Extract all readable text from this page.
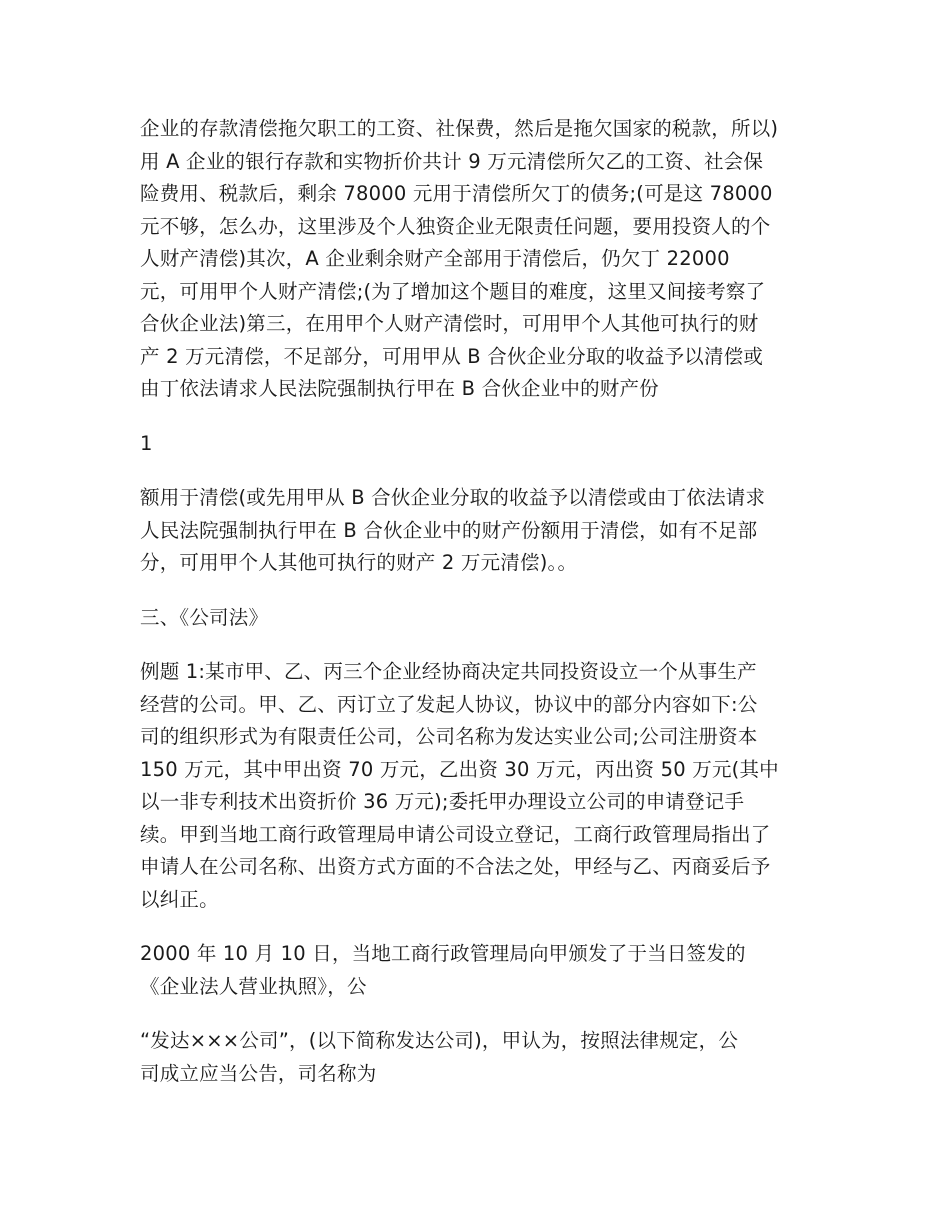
企业的存款清偿拖欠职工的工资、社保费，然后是拖欠国家的税款，所以)
用 A 企业的银行存款和实物折价共计 9 万元清偿所欠乙的工资、社会保
险费用、税款后，剩余 78000 元用于清偿所欠丁的债务;(可是这 78000
元不够，怎么办，这里涉及个人独资企业无限责任问题，要用投资人的个
人财产清偿)其次，A 企业剩余财产全部用于清偿后，仍欠丁 22000
元，可用甲个人财产清偿;(为了增加这个题目的难度，这里又间接考察了
合伙企业法)第三，在用甲个人财产清偿时，可用甲个人其他可执行的财
产 2 万元清偿，不足部分，可用甲从 B 合伙企业分取的收益予以清偿或
由丁依法请求人民法院强制执行甲在 B 合伙企业中的财产份

1

额用于清偿(或先用甲从 B 合伙企业分取的收益予以清偿或由丁依法请求
人民法院强制执行甲在 B 合伙企业中的财产份额用于清偿，如有不足部
分，可用甲个人其他可执行的财产 2 万元清偿)。。

三、《公司法》

例题 1:某市甲、乙、丙三个企业经协商决定共同投资设立一个从事生产
经营的公司。甲、乙、丙订立了发起人协议，协议中的部分内容如下:公
司的组织形式为有限责任公司，公司名称为发达实业公司;公司注册资本
150 万元，其中甲出资 70 万元，乙出资 30 万元，丙出资 50 万元(其中
以一非专利技术出资折价 36 万元);委托甲办理设立公司的申请登记手
续。甲到当地工商行政管理局申请公司设立登记，工商行政管理局指出了
申请人在公司名称、出资方式方面的不合法之处，甲经与乙、丙商妥后予
以纠正。

2000 年 10 月 10 日，当地工商行政管理局向甲颁发了于当日签发的
《企业法人营业执照》，公

“发达×××公司”，(以下简称发达公司)，甲认为，按照法律规定，公
司成立应当公告，司名称为
